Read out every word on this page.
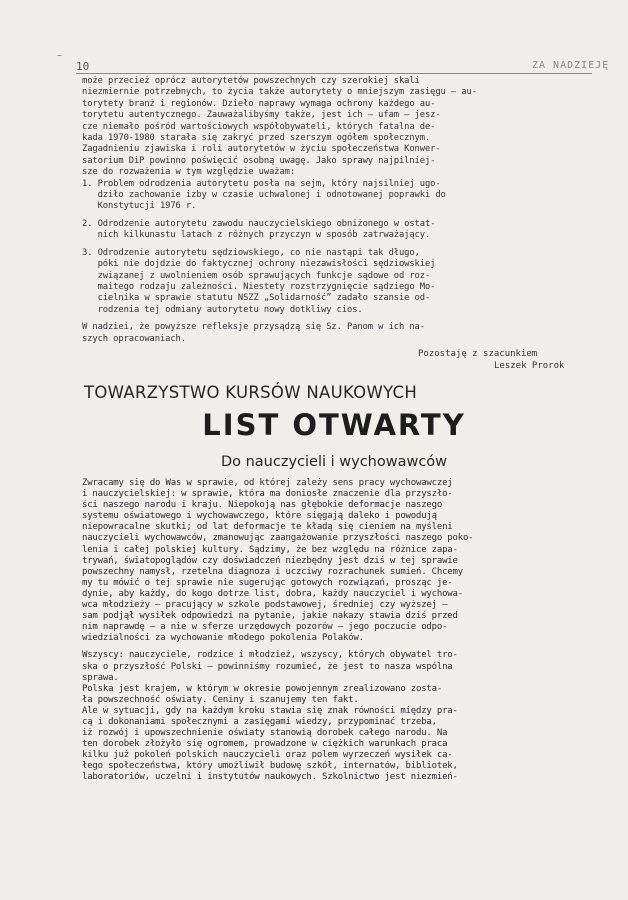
⁻
10	ZA NADZIEJĘ
może przecież oprócz autorytetów powszechnych czy szerokiej skali
niezmiernie potrzebnych, to życia także autorytety o mniejszym zasięgu — au-
torytety branż i regionów. Dzieło naprawy wymaga ochrony każdego au-
torytetu autentycznego. Zauważalibyśmy także, jest ich — ufam — jesz-
cze niemało pośród wartościowych współobywateli, których fatalna de-
kada 1970-1980 starała się zakryć przed szerszym ogółem społecznym.
Zagadnieniu zjawiska i roli autorytetów w życiu społeczeństwa Konwer-
satorium DiP powinno poświęcić osobną uwagę. Jako sprawy najpilniej-
sze do rozważenia w tym względzie uważam:
1. Problem odrodzenia autorytetu posła na sejm, który najsilniej ugo-
dziło zachowanie izby w czasie uchwalonej i odnotowanej poprawki do
Konstytucji 1976 r.

2. Odrodzenie autorytetu zawodu nauczycielskiego obniżonego w ostat-
nich kilkunastu latach z różnych przyczyn w sposób zatrważający.

3. Odrodzenie autorytetu sędziowskiego, co nie nastąpi tak długo,
póki nie dojdzie do faktycznej ochrony niezawisłości sędziowskiej
związanej z uwolnieniem osób sprawujących funkcje sądowe od roz-
maitego rodzaju zależności. Niestety rozstrzygnięcie sądziego Mo-
cielnika w sprawie statutu NSZZ „Solidarność” zadało szansie od-
rodzenia tej odmiany autorytetu nowy dotkliwy cios.

W nadziei, że powyższe refleksje przysądzą się Sz. Panom w ich na-
szych opracowaniach.
Pozostaję z szacunkiem
Leszek Prorok
TOWARZYSTWO KURSÓW NAUKOWYCH
LIST OTWARTY
Do nauczycieli i wychowawców
Zwracamy się do Was w sprawie, od której zależy sens pracy wychowawczej
i nauczycielskiej: w sprawie, która ma doniosłe znaczenie dla przyszło-
ści naszego narodu i kraju. Niepokoją nas głębokie deformacje naszego
systemu oświatowego i wychowawczego, które sięgają daleko i powodują
niepowracalne skutki; od lat deformacje te kładą się cieniem na myśleni
nauczycieli wychowawców, zmanowując zaangażowanie przyszłości naszego poko-
lenia i całej polskiej kultury. Sądzimy, że bez względu na różnice zapa-
trywań, światopoglądów czy doświadczeń niezbędny jest dziś w tej sprawie
powszechny namysł, rzetelna diagnoza i uczciwy rozrachunek sumień. Chcemy
my tu mówić o tej sprawie nie sugerując gotowych rozwiązań, prosząc je-
dynie, aby każdy, do kogo dotrze list, dobra, każdy nauczyciel i wychowa-
wca młodzieży — pracujący w szkole podstawowej, średniej czy wyższej —
sam podjął wysiłek odpowiedzi na pytanie, jakie nakazy stawia dziś przed
nim naprawdę — a nie w sferze urzędowych pozorów — jego poczucie odpo-
wiedzialności za wychowanie młodego pokolenia Polaków.

Wszyscy: nauczyciele, rodzice i młodzież, wszyscy, których obywatel tro-
ska o przyszłość Polski — powinniśmy rozumieć, że jest to nasza wspólna
sprawa.
Polska jest krajem, w którym w okresie powojennym zrealizowano zosta-
ła powszechność oświaty. Ceniny i szanujemy ten fakt.
Ale w sytuacji, gdy na każdym kroku stawia się znak równości między pra-
cą i dokonaniami społecznymi a zasięgami wiedzy, przypominać trzeba,
iż rozwój i upowszechnienie oświaty stanowią dorobek całego narodu. Na
ten dorobek złożyło się ogromem, prowadzone w ciężkich warunkach praca
kilku już pokoleń polskich nauczycieli oraz polem wyrzeczeń wysiłek ca-
łego społeczeństwa, który umożliwił budowę szkół, internatów, bibliotek,
laboratoriów, uczelni i instytutów naukowych. Szkolnictwo jest niezmień-
